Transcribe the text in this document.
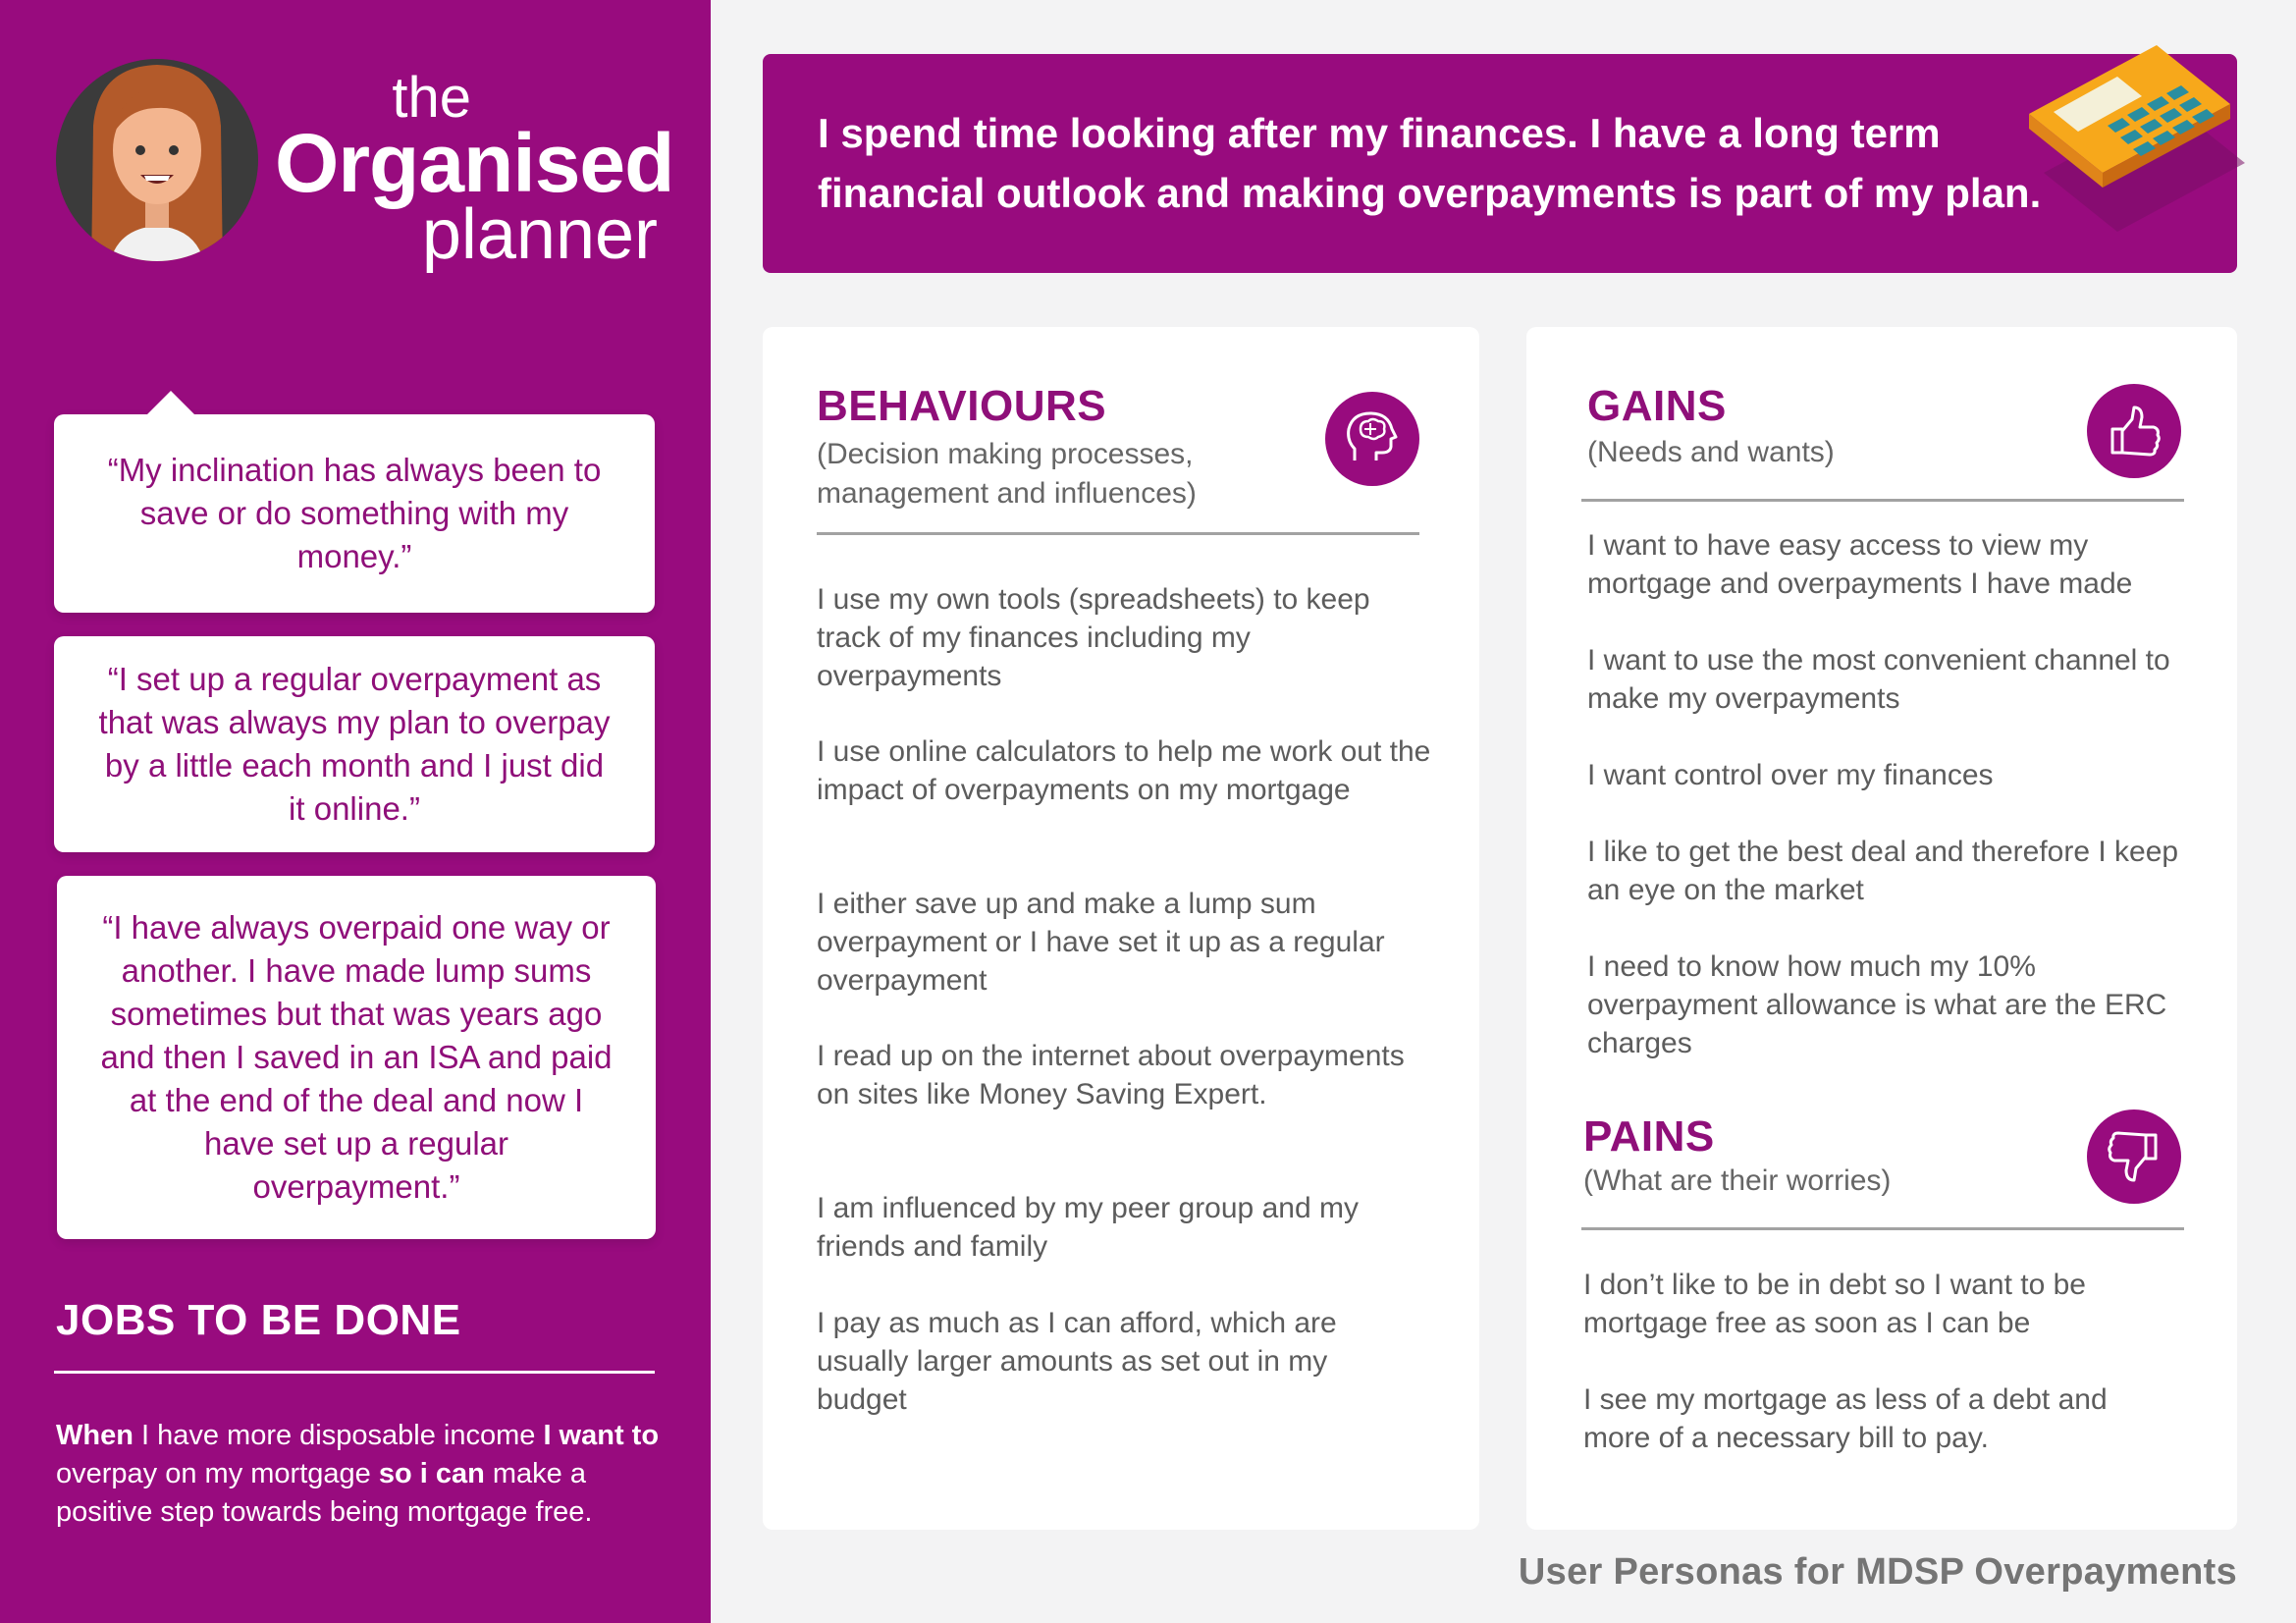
the
Organised
planner
“My inclination has always been to save or do something with my money.”
“I set up a regular overpayment as that was always my plan to overpay by a little each month and I just did it online.”
“I have always overpaid one way or another. I have made lump sums sometimes but that was years ago and then I saved in an ISA and paid at the end of the deal and now I have set up a regular overpayment.”
JOBS TO BE DONE
When I have more disposable income I want to overpay on my mortgage so i can make a positive step towards being mortgage free.
I spend time looking after my finances. I have a long term
financial outlook and making overpayments is part of my plan.
BEHAVIOURS
(Decision making processes,
management and influences)
I use my own tools (spreadsheets) to keep track of my finances including my overpayments
I use online calculators to help me work out the impact of overpayments on my mortgage
I either save up and make a lump sum overpayment or I have set it up as a regular overpayment
I read up on the internet about overpayments on sites like Money Saving Expert.
I am influenced by my peer group and my friends and family
I pay as much as I can afford, which are usually larger amounts as set out in my budget
GAINS
(Needs and wants)
I want to have easy access to view my mortgage and overpayments I have made
I want to use the most convenient channel to make my overpayments
I want control over my finances
I like to get the best deal and therefore I keep an eye on the market
I need to know how much my 10% overpayment allowance is what are the ERC charges
PAINS
(What are their worries)
I don’t like to be in debt so I want to be mortgage free as soon as I can be
I see my mortgage as less of a debt and more of a necessary bill to pay.
User Personas for MDSP Overpayments
